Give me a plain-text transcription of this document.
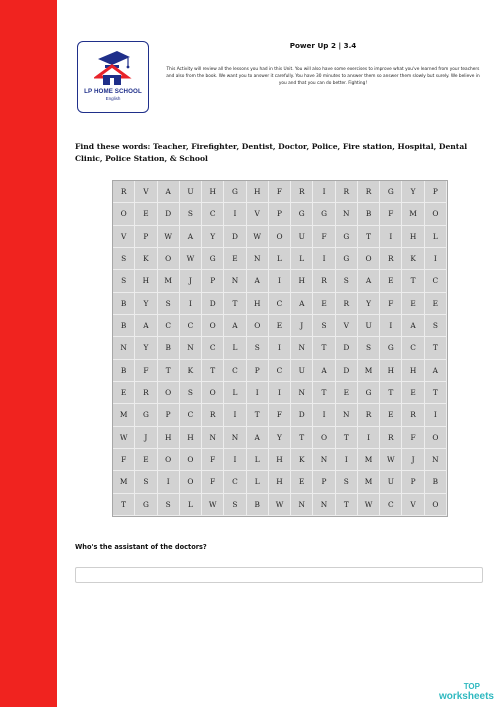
LP HOME SCHOOL
English
Power Up 2 | 3.4
This Activity will review all the lessons you had in this Unit. You will also have some exercises to improve what you've learned from your teachers and also from the book. We want you to answer it carefully. You have 30 minutes to answer them so answer them slowly but surely. We believe in you and that you can do better. Fighting!
Find these words: Teacher, Firefighter, Dentist, Doctor, Police, Fire station, Hospital, Dental Clinic, Police Station, & School
R	V	A	U	H	G	H	F	R	I	R	R	G	Y	P
O	E	D	S	C	I	V	P	G	G	N	B	F	M	O
V	P	W	A	Y	D	W	O	U	F	G	T	I	H	L
S	K	O	W	G	E	N	L	L	I	G	O	R	K	I
S	H	M	J	P	N	A	I	H	R	S	A	E	T	C
B	Y	S	I	D	T	H	C	A	E	R	Y	F	E	E
B	A	C	C	O	A	O	E	J	S	V	U	I	A	S
N	Y	B	N	C	L	S	I	N	T	D	S	G	C	T
B	F	T	K	T	C	P	C	U	A	D	M	H	H	A
E	R	O	S	O	L	I	I	N	T	E	G	T	E	T
M	G	P	C	R	I	T	F	D	I	N	R	E	R	I
W	J	H	H	N	N	A	Y	T	O	T	I	R	F	O
F	E	O	O	F	I	L	H	K	N	I	M	W	J	N
M	S	I	O	F	C	L	H	E	P	S	M	U	P	B
T	G	S	L	W	S	B	W	N	N	T	W	C	V	O
Who's the assistant of the doctors?
TOP
worksheets
